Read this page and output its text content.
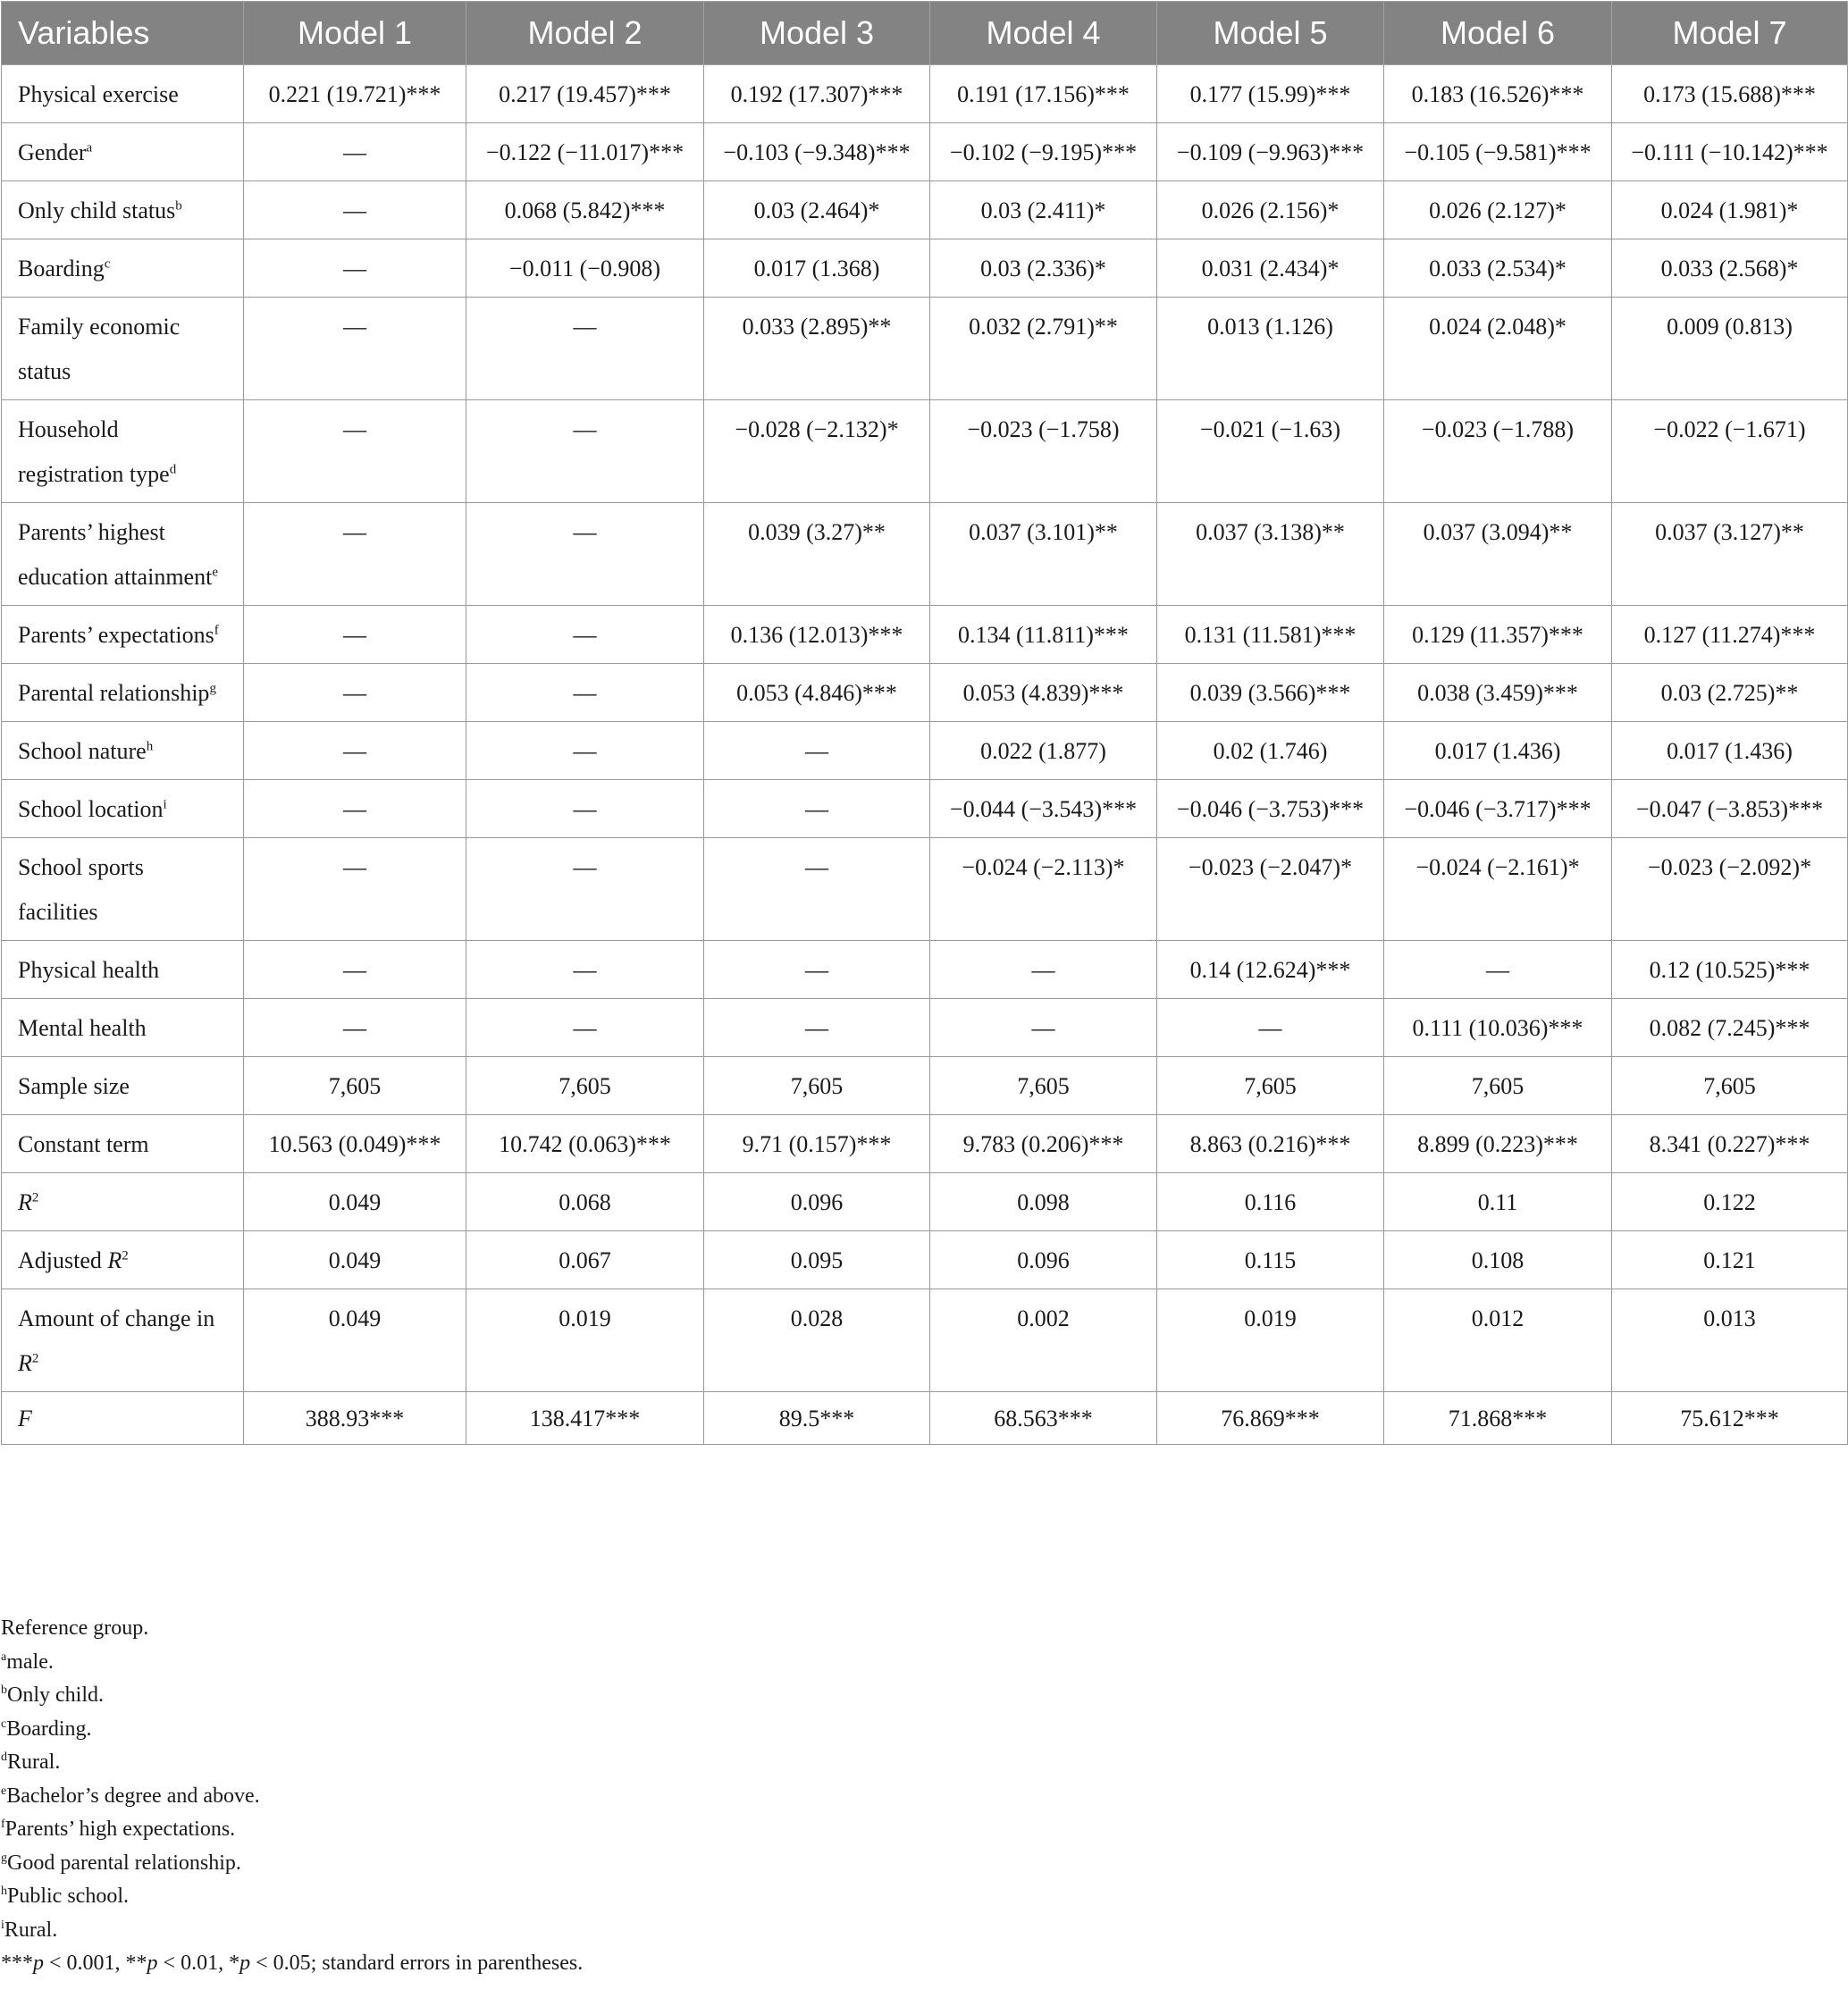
Variables	Model 1	Model 2	Model 3	Model 4	Model 5	Model 6	Model 7
Physical exercise	0.221 (19.721)***	0.217 (19.457)***	0.192 (17.307)***	0.191 (17.156)***	0.177 (15.99)***	0.183 (16.526)***	0.173 (15.688)***
Gender$^a$	—	−0.122 (−11.017)***	−0.103 (−9.348)***	−0.102 (−9.195)***	−0.109 (−9.963)***	−0.105 (−9.581)***	−0.111 (−10.142)***
Only child status$^b$	—	0.068 (5.842)***	0.03 (2.464)*	0.03 (2.411)*	0.026 (2.156)*	0.026 (2.127)*	0.024 (1.981)*
Boarding$^c$	—	−0.011 (−0.908)	0.017 (1.368)	0.03 (2.336)*	0.031 (2.434)*	0.033 (2.534)*	0.033 (2.568)*
Family economic status	—	—	0.033 (2.895)**	0.032 (2.791)**	0.013 (1.126)	0.024 (2.048)*	0.009 (0.813)
Household registration type$^d$	—	—	−0.028 (−2.132)*	−0.023 (−1.758)	−0.021 (−1.63)	−0.023 (−1.788)	−0.022 (−1.671)
Parents’ highest education attainment$^e$	—	—	0.039 (3.27)**	0.037 (3.101)**	0.037 (3.138)**	0.037 (3.094)**	0.037 (3.127)**
Parents’ expectations$^f$	—	—	0.136 (12.013)***	0.134 (11.811)***	0.131 (11.581)***	0.129 (11.357)***	0.127 (11.274)***
Parental relationship$^g$	—	—	0.053 (4.846)***	0.053 (4.839)***	0.039 (3.566)***	0.038 (3.459)***	0.03 (2.725)**
School nature$^h$	—	—	—	0.022 (1.877)	0.02 (1.746)	0.017 (1.436)	0.017 (1.436)
School location$^i$	—	—	—	−0.044 (−3.543)***	−0.046 (−3.753)***	−0.046 (−3.717)***	−0.047 (−3.853)***
School sports facilities	—	—	—	−0.024 (−2.113)*	−0.023 (−2.047)*	−0.024 (−2.161)*	−0.023 (−2.092)*
Physical health	—	—	—	—	0.14 (12.624)***	—	0.12 (10.525)***
Mental health	—	—	—	—	—	0.111 (10.036)***	0.082 (7.245)***
Sample size	7,605	7,605	7,605	7,605	7,605	7,605	7,605
Constant term	10.563 (0.049)***	10.742 (0.063)***	9.71 (0.157)***	9.783 (0.206)***	8.863 (0.216)***	8.899 (0.223)***	8.341 (0.227)***
$R^2$	0.049	0.068	0.096	0.098	0.116	0.11	0.122
Adjusted $R^2$	0.049	0.067	0.095	0.096	0.115	0.108	0.121
Amount of change in $R^2$	0.049	0.019	0.028	0.002	0.019	0.012	0.013
F	388.93***	138.417***	89.5***	68.563***	76.869***	71.868***	75.612***
Reference group.
$^a$male.
$^b$Only child.
$^c$Boarding.
$^d$Rural.
$^e$Bachelor’s degree and above.
$^f$Parents’ high expectations.
$^g$Good parental relationship.
$^h$Public school.
$^i$Rural.
***p < 0.001, **p < 0.01, *p < 0.05; standard errors in parentheses.
